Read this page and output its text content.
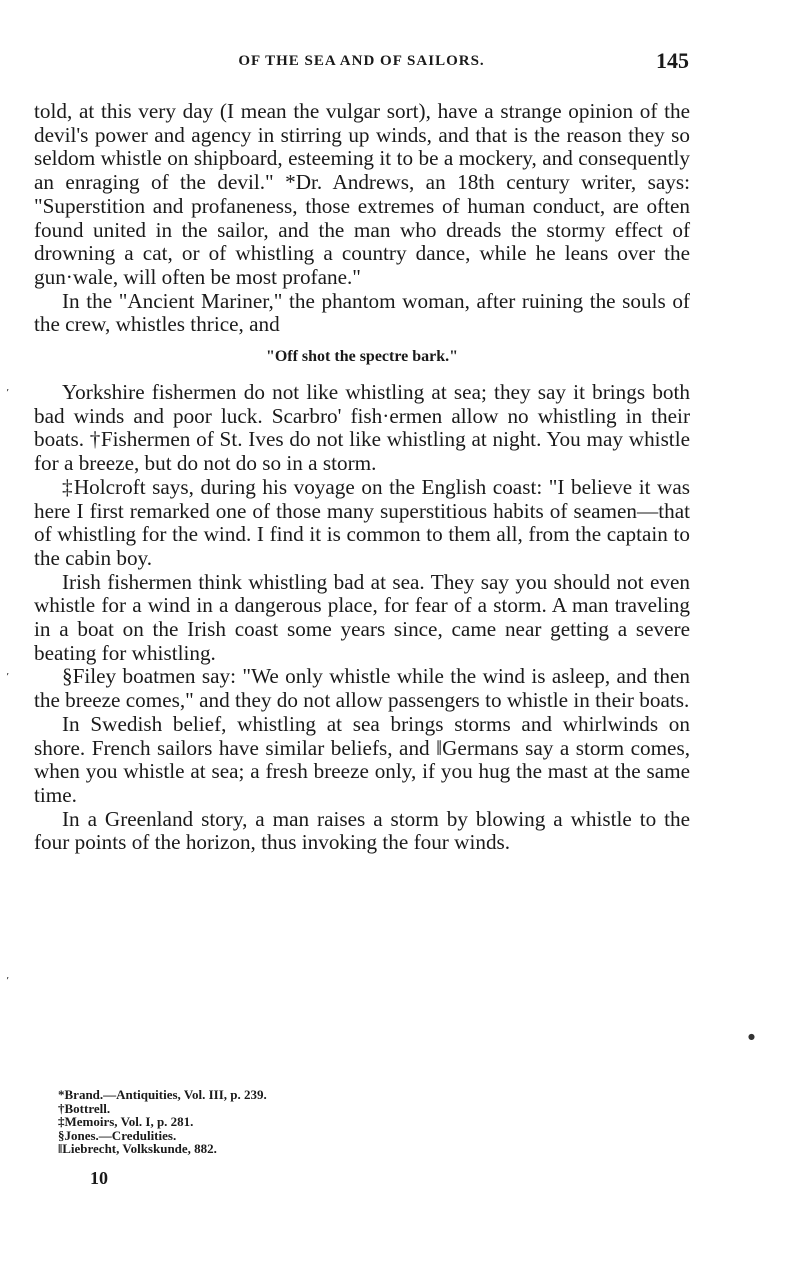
OF THE SEA AND OF SAILORS.	145

told, at this very day (I mean the vulgar sort), have a strange opinion of the devil's power and agency in stirring up winds, and that is the reason they so seldom whistle on shipboard, esteeming it to be a mockery, and consequently an enraging of the devil." *Dr. Andrews, an 18th century writer, says: "Superstition and profaneness, those extremes of human conduct, are often found united in the sailor, and the man who dreads the stormy effect of drowning a cat, or of whistling a country dance, while he leans over the gun·wale, will often be most profane."

In the "Ancient Mariner," the phantom woman, after ruining the souls of the crew, whistles thrice, and

"Off shot the spectre bark."

Yorkshire fishermen do not like whistling at sea; they say it brings both bad winds and poor luck. Scarbro' fish·ermen allow no whistling in their boats. †Fishermen of St. Ives do not like whistling at night. You may whistle for a breeze, but do not do so in a storm.

‡Holcroft says, during his voyage on the English coast: "I believe it was here I first remarked one of those many superstitious habits of seamen—that of whistling for the wind. I find it is common to them all, from the captain to the cabin boy.

Irish fishermen think whistling bad at sea. They say you should not even whistle for a wind in a dangerous place, for fear of a storm. A man traveling in a boat on the Irish coast some years since, came near getting a severe beating for whistling.

§Filey boatmen say: "We only whistle while the wind is asleep, and then the breeze comes," and they do not allow passengers to whistle in their boats.

In Swedish belief, whistling at sea brings storms and whirlwinds on shore. French sailors have similar beliefs, and ‖Germans say a storm comes, when you whistle at sea; a fresh breeze only, if you hug the mast at the same time.

In a Greenland story, a man raises a storm by blowing a whistle to the four points of the horizon, thus invoking the four winds.

*Brand.—Antiquities, Vol. III, p. 239.
†Bottrell.
‡Memoirs, Vol. I, p. 281.
§Jones.—Credulities.
‖Liebrecht, Volkskunde, 882.
10
’
’
’
●
